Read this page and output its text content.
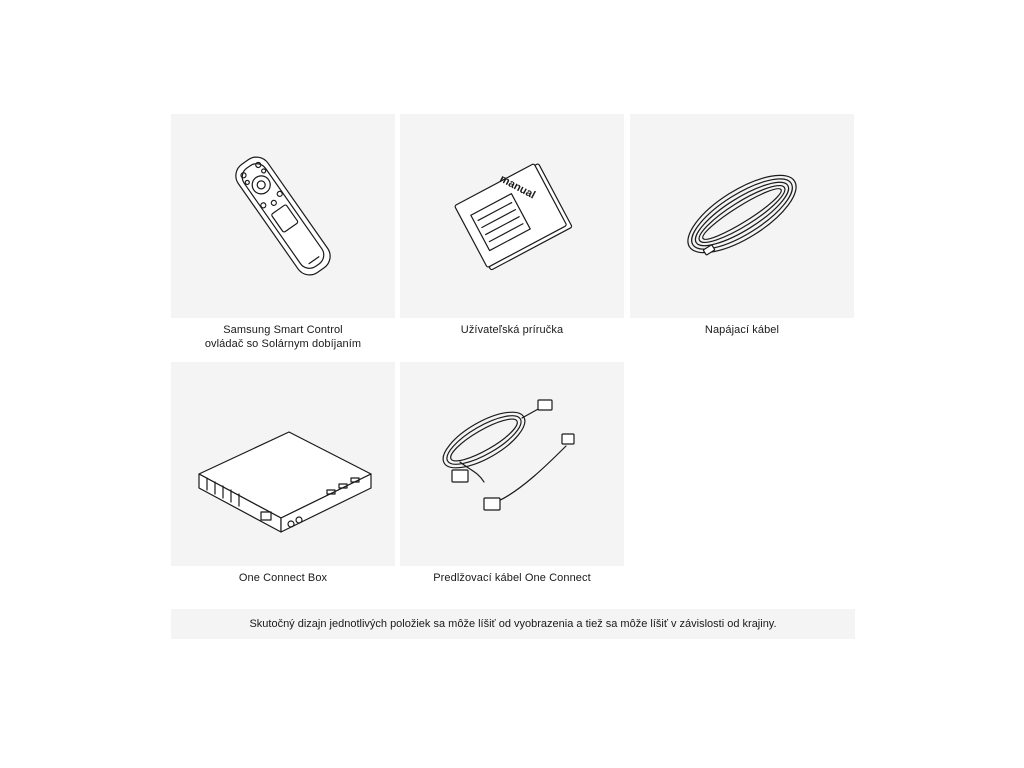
Samsung Smart Control
ovládač so Solárnym dobíjaním
manual
Užívateľská príručka	Napájací kábel
One Connect Box	Predlžovací kábel One Connect
Skutočný dizajn jednotlivých položiek sa môže líšiť od vyobrazenia a tiež sa môže líšiť v závislosti od krajiny.
